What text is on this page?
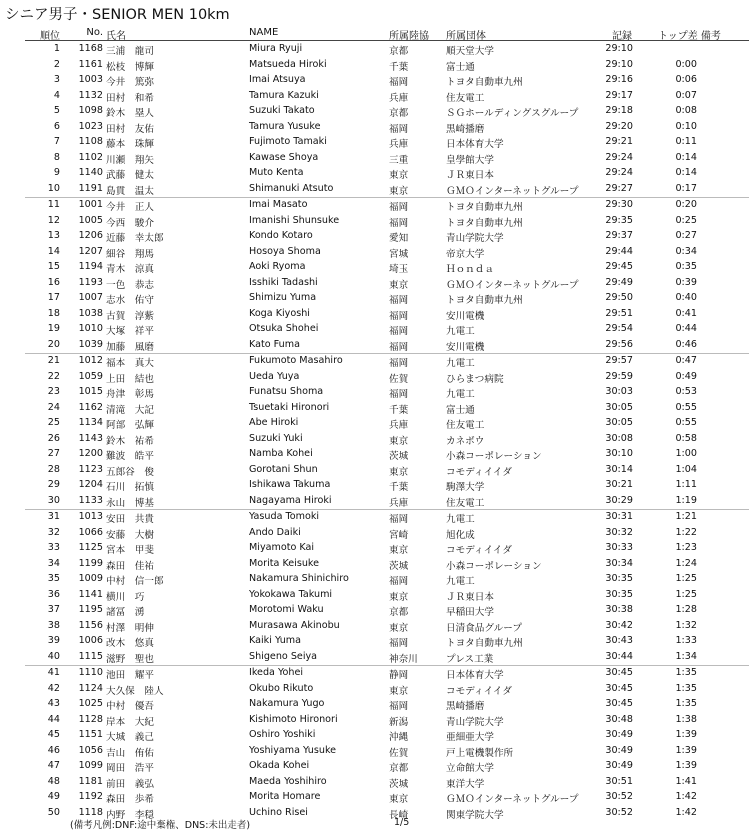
シニア男子・SENIOR MEN 10km
順位	No. 氏名	NAME	所属陸協 所属団体	記録	トップ差 備考
1	1168 三浦　龍司	Miura Ryuji	京都	順天堂大学	29:10
2	1161 松枝　博輝	Matsueda Hiroki	千葉	富士通	29:10	0:00
3	1003 今井　篤弥	Imai Atsuya	福岡	トヨタ自動車九州	29:16	0:06
4	1132 田村　和希	Tamura Kazuki	兵庫	住友電工	29:17	0:07
5	1098 鈴木　塁人	Suzuki Takato	京都	ＳＧホールディングスグループ	29:18	0:08
6	1023 田村　友佑	Tamura Yusuke	福岡	黒崎播磨	29:20	0:10
7	1108 藤本　珠輝	Fujimoto Tamaki	兵庫	日本体育大学	29:21	0:11
8	1102 川瀬　翔矢	Kawase Shoya	三重	皇學館大学	29:24	0:14
9	1140 武藤　健太	Muto Kenta	東京	ＪＲ東日本	29:24	0:14
10	1191 島貫　温太	Shimanuki Atsuto	東京	ＧＭＯインターネットグループ	29:27	0:17
11	1001 今井　正人	Imai Masato	福岡	トヨタ自動車九州	29:30	0:20
12	1005 今西　駿介	Imanishi Shunsuke	福岡	トヨタ自動車九州	29:35	0:25
13	1206 近藤　幸太郎	Kondo Kotaro	愛知	青山学院大学	29:37	0:27
14	1207 細谷　翔馬	Hosoya Shoma	宮城	帝京大学	29:44	0:34
15	1194 青木　涼真	Aoki Ryoma	埼玉	Ｈｏｎｄａ	29:45	0:35
16	1193 一色　恭志	Isshiki Tadashi	東京	ＧＭＯインターネットグループ	29:49	0:39
17	1007 志水　佑守	Shimizu Yuma	福岡	トヨタ自動車九州	29:50	0:40
18	1038 古賀　淳紫	Koga Kiyoshi	福岡	安川電機	29:51	0:41
19	1010 大塚　祥平	Otsuka Shohei	福岡	九電工	29:54	0:44
20	1039 加藤　風磨	Kato Fuma	福岡	安川電機	29:56	0:46
21	1012 福本　真大	Fukumoto Masahiro	福岡	九電工	29:57	0:47
22	1059 上田　結也	Ueda Yuya	佐賀	ひらまつ病院	29:59	0:49
23	1015 舟津　彰馬	Funatsu Shoma	福岡	九電工	30:03	0:53
24	1162 清滝　大記	Tsuetaki Hironori	千葉	富士通	30:05	0:55
25	1134 阿部　弘輝	Abe Hiroki	兵庫	住友電工	30:05	0:55
26	1143 鈴木　祐希	Suzuki Yuki	東京	カネボウ	30:08	0:58
27	1200 難波　皓平	Namba Kohei	茨城	小森コーポレーション	30:10	1:00
28	1123 五郎谷　俊	Gorotani Shun	東京	コモディイイダ	30:14	1:04
29	1204 石川　拓慎	Ishikawa Takuma	千葉	駒澤大学	30:21	1:11
30	1133 永山　博基	Nagayama Hiroki	兵庫	住友電工	30:29	1:19
31	1013 安田　共貴	Yasuda Tomoki	福岡	九電工	30:31	1:21
32	1066 安藤　大樹	Ando Daiki	宮崎	旭化成	30:32	1:22
33	1125 宮本　甲斐	Miyamoto Kai	東京	コモディイイダ	30:33	1:23
34	1199 森田　佳祐	Morita Keisuke	茨城	小森コーポレーション	30:34	1:24
35	1009 中村　信一郎	Nakamura Shinichiro	福岡	九電工	30:35	1:25
36	1141 横川　巧	Yokokawa Takumi	東京	ＪＲ東日本	30:35	1:25
37	1195 諸冨　湧	Morotomi Waku	京都	早稲田大学	30:38	1:28
38	1156 村澤　明伸	Murasawa Akinobu	東京	日清食品グループ	30:42	1:32
39	1006 改木　悠真	Kaiki Yuma	福岡	トヨタ自動車九州	30:43	1:33
40	1115 滋野　聖也	Shigeno Seiya	神奈川	プレス工業	30:44	1:34
41	1110 池田　耀平	Ikeda Yohei	静岡	日本体育大学	30:45	1:35
42	1124 大久保　陸人	Okubo Rikuto	東京	コモディイイダ	30:45	1:35
43	1025 中村　優吾	Nakamura Yugo	福岡	黒崎播磨	30:45	1:35
44	1128 岸本　大紀	Kishimoto Hironori	新潟	青山学院大学	30:48	1:38
45	1151 大城　義己	Oshiro Yoshiki	沖縄	亜細亜大学	30:49	1:39
46	1056 吉山　侑佑	Yoshiyama Yusuke	佐賀	戸上電機製作所	30:49	1:39
47	1099 岡田　浩平	Okada Kohei	京都	立命館大学	30:49	1:39
48	1181 前田　義弘	Maeda Yoshihiro	茨城	東洋大学	30:51	1:41
49	1192 森田　歩希	Morita Homare	東京	ＧＭＯインターネットグループ	30:52	1:42
50	1118 内野　李穏	Uchino Risei	長崎	関東学院大学	30:52	1:42
(備考凡例:DNF:途中棄権、DNS:未出走者)	1/5
